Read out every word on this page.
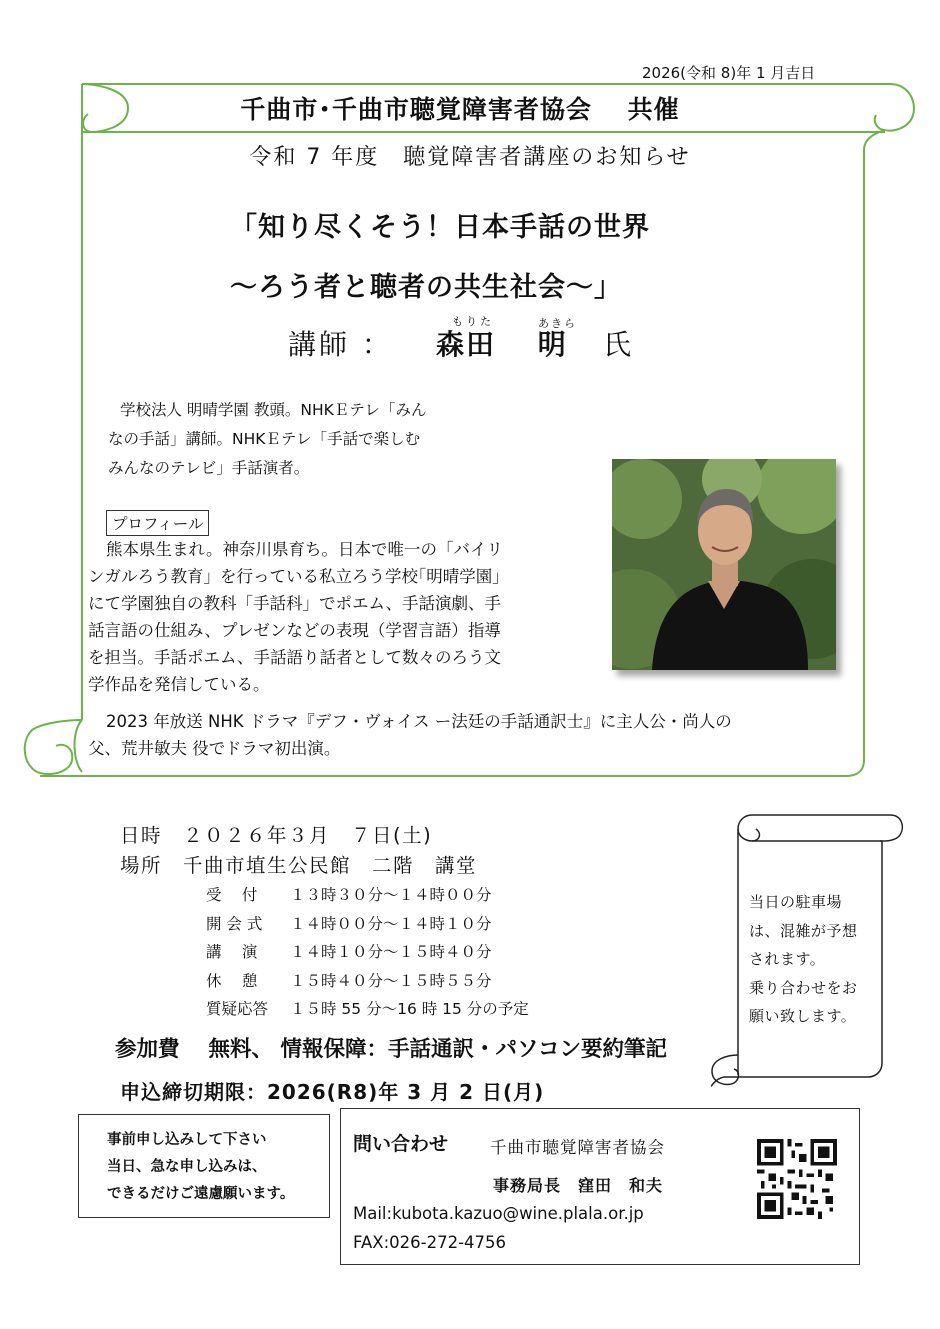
2026(令和 8)年 1 月吉日
千曲市･千曲市聴覚障害者協会　 共催
令和 7 年度　聴覚障害者講座のお知らせ
「知り尽くそう！日本手話の世界
～ろう者と聴者の共生社会～」
もりた	あきら
講師 ： 森田　 明 氏

学校法人 明晴学園 教頭。NHKＥテレ「みん

なの手話」講師。NHKＥテレ「手話で楽しむ

みんなのテレビ」手話演者。

プロフィール

熊本県生まれ。神奈川県育ち。日本で唯一の「バイリ

ンガルろう教育」を行っている私立ろう学校｢明晴学園｣

にて学園独自の教科「手話科」でポエム、手話演劇、手

話言語の仕組み、プレゼンなどの表現（学習言語）指導

を担当。手話ポエム、手話語り話者として数々のろう文

学作品を発信している。

2023 年放送 NHK ドラマ『デフ・ヴォイス ー法廷の手話通訳士』に主人公・尚人の
父、荒井敏夫 役でドラマ初出演。
日時　２０２６年３月　７日(土)
場所　千曲市埴生公民館　二階　講堂
受　 付	１３時３０分～１４時００分
開 会 式	１４時００分～１４時１０分
講　 演	１４時１０分～１５時４０分
休　 憩	１５時４０分～１５時５５分
質疑応答	１５時 55 分～16 時 15 分の予定
当日の駐車場
は、混雑が予想
されます。
乗り合わせをお
願い致します。
参加費　 無料、 情報保障：手話通訳・パソコン要約筆記
申込締切期限：2026(R8)年 3 月 2 日(月)

事前申し込みして下さい

当日、急な申し込みは、

できるだけご遠慮願います。

問い合わせ	千曲市聴覚障害者協会
事務局長　窪田　和夫
Mail:kubota.kazuo@wine.plala.or.jp
FAX:026-272-4756
